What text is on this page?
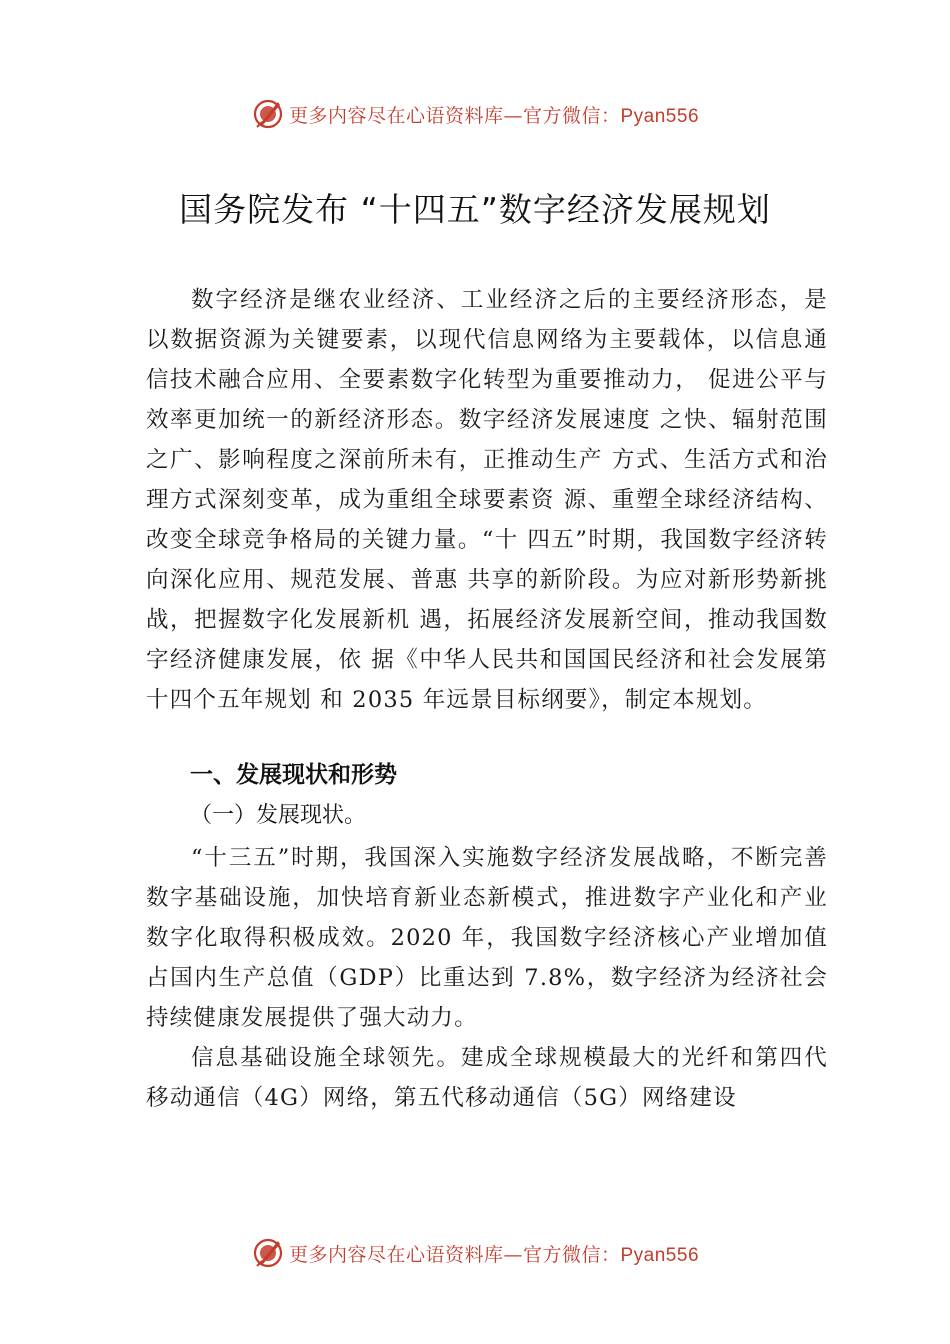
更多内容尽在心语资料库—官方微信：Pyan556
国务院发布 “十四五”数字经济发展规划

数字经济是继农业经济、工业经济之后的主要经济形态，是以数据资源为关键要素，以现代信息网络为主要载体，以信息通信技术融合应用、全要素数字化转型为重要推动力， 促进公平与效率更加统一的新经济形态。数字经济发展速度 之快、辐射范围之广、影响程度之深前所未有，正推动生产 方式、生活方式和治理方式深刻变革，成为重组全球要素资 源、重塑全球经济结构、改变全球竞争格局的关键力量。“十 四五”时期，我国数字经济转向深化应用、规范发展、普惠 共享的新阶段。为应对新形势新挑战，把握数字化发展新机 遇，拓展经济发展新空间，推动我国数字经济健康发展，依 据《中华人民共和国国民经济和社会发展第十四个五年规划 和 2035 年远景目标纲要》，制定本规划。

一、发展现状和形势

（一）发展现状。

“十三五”时期，我国深入实施数字经济发展战略，不断完善数字基础设施，加快培育新业态新模式，推进数字产业化和产业数字化取得积极成效。2020 年，我国数字经济核心产业增加值占国内生产总值（GDP）比重达到 7.8%，数字经济为经济社会持续健康发展提供了强大动力。

信息基础设施全球领先。建成全球规模最大的光纤和第四代移动通信（4G）网络，第五代移动通信（5G）网络建设

更多内容尽在心语资料库—官方微信：Pyan556
